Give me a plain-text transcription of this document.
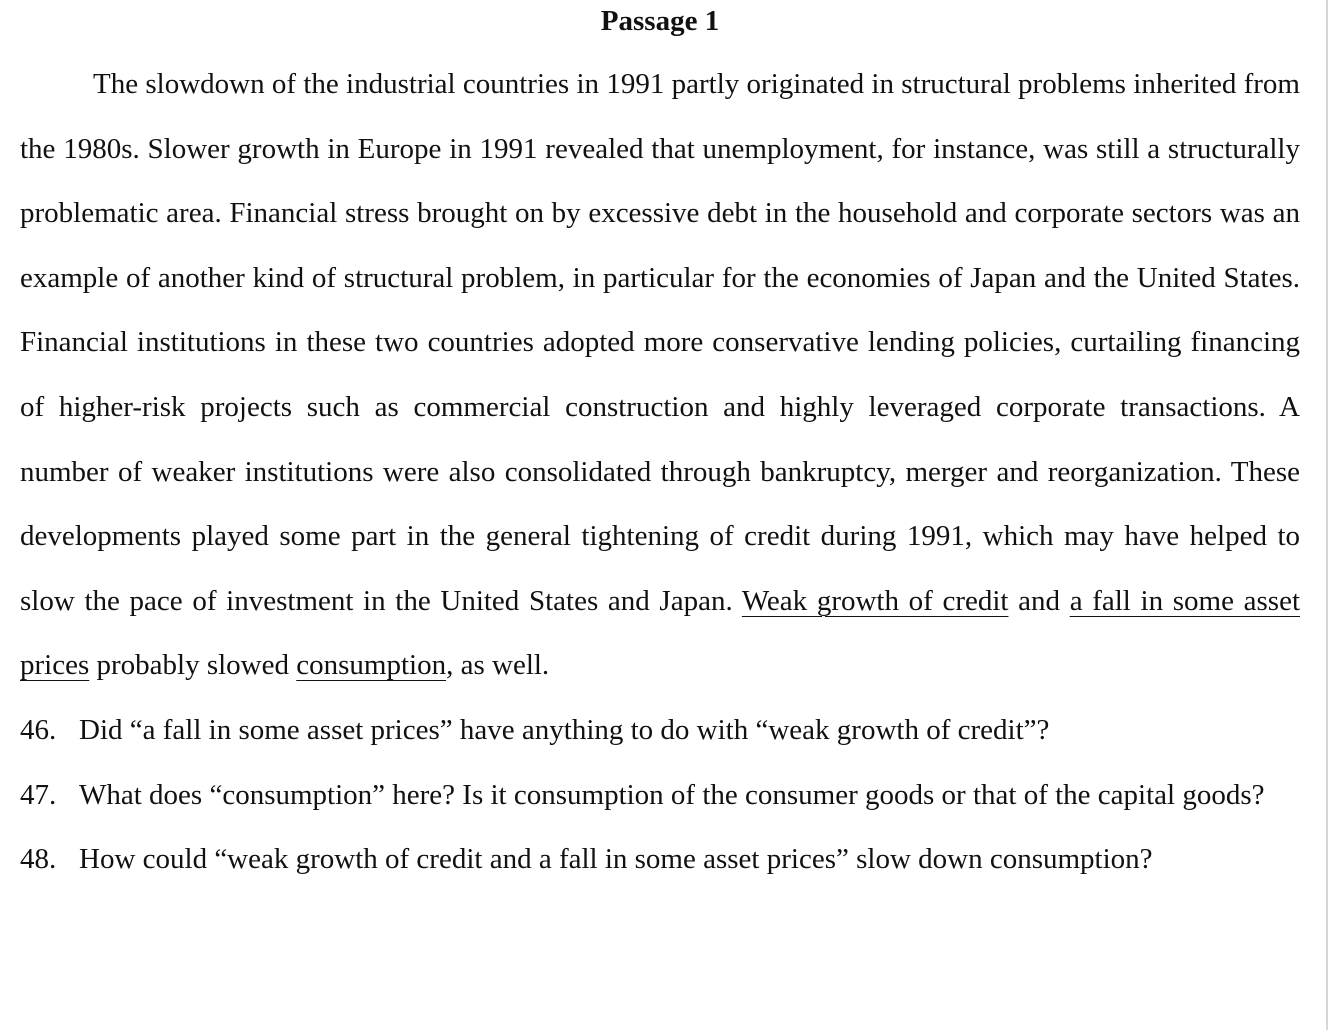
Passage 1

The slowdown of the industrial countries in 1991 partly originated in structural problems inherited from the 1980s. Slower growth in Europe in 1991 revealed that unemployment, for instance, was still a structurally problematic area. Financial stress brought on by excessive debt in the household and corporate sectors was an example of another kind of structural problem, in particular for the economies of Japan and the United States. Financial institutions in these two countries adopted more conservative lending policies, curtailing financing of higher-risk projects such as commercial construction and highly leveraged corporate transactions. A number of weaker institutions were also consolidated through bankruptcy, merger and reorganization. These developments played some part in the general tightening of credit during 1991, which may have helped to slow the pace of investment in the United States and Japan. Weak growth of credit and a fall in some asset prices probably slowed consumption, as well.

46. Did “a fall in some asset prices” have anything to do with “weak growth of credit”?

47. What does “consumption” here? Is it consumption of the consumer goods or that of the capital goods?

48. How could “weak growth of credit and a fall in some asset prices” slow down consumption?
